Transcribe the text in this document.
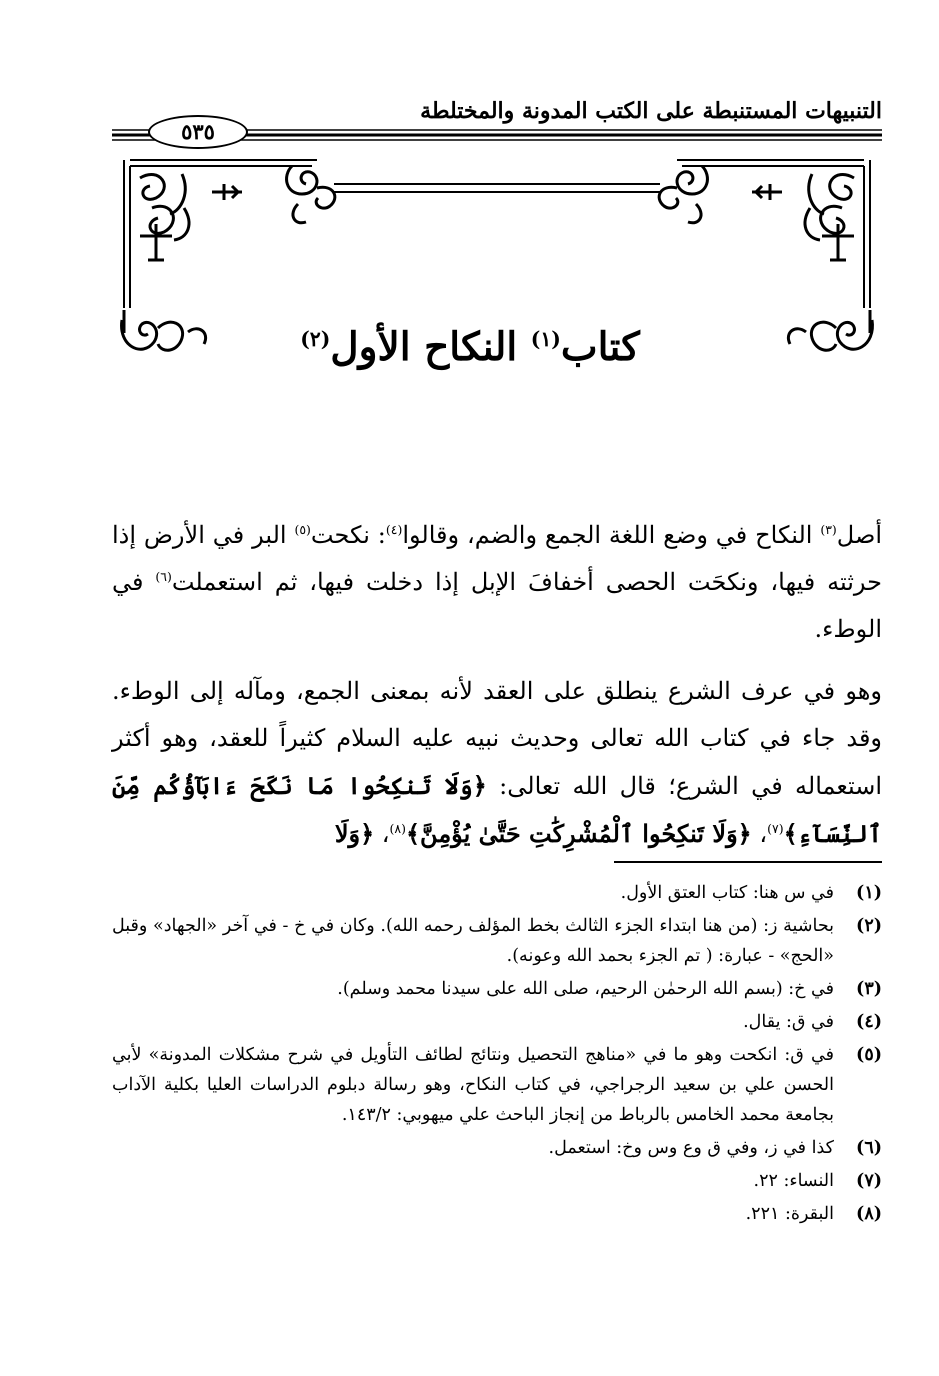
التنبيهات المستنبطة على الكتب المدونة والمختلطة
٥٣٥
كتاب$^{(١)}$ النكاح الأول$^{(٢)}$
أصل$^{(٣)}$ النكاح في وضع اللغة الجمع والضم، وقالوا$^{(٤)}$: نكحت$^{(٥)}$ البر في الأرض إذا حرثته فيها، ونكحَت الحصى أخفافَ الإبل إذا دخلت فيها، ثم استعملت$^{(٦)}$ في الوطء.
وهو في عرف الشرع ينطلق على العقد لأنه بمعنى الجمع، ومآله إلى الوطء. وقد جاء في كتاب الله تعالى وحديث نبيه عليه السلام كثيراً للعقد، وهو أكثر استعماله في الشرع؛ قال الله تعالى: ﴿وَلَا تَنكِحُوا مَا نَكَحَ ءَابَآؤُكُم مِّنَ ٱلنِّسَآءِ﴾$^{(٧)}$، ﴿وَلَا تَنكِحُوا ٱلْمُشْرِكَٰتِ حَتَّىٰ يُؤْمِنَّ﴾$^{(٨)}$، ﴿وَلَا
(١)
في س هنا: كتاب العتق الأول.
(٢)
بحاشية ز: (من هنا ابتداء الجزء الثالث بخط المؤلف رحمه الله). وكان في خ - في آخر «الجهاد» وقبل «الحج» - عبارة: ( تم الجزء بحمد الله وعونه).
(٣)
في خ: (بسم الله الرحمٰن الرحيم، صلى الله على سيدنا محمد وسلم).
(٤)
في ق: يقال.
(٥)
في ق: انكحت وهو ما في «مناهج التحصيل ونتائج لطائف التأويل في شرح مشكلات المدونة» لأبي الحسن علي بن سعيد الرجراجي، في كتاب النكاح، وهو رسالة دبلوم الدراسات العليا بكلية الآداب بجامعة محمد الخامس بالرباط من إنجاز الباحث علي ميهوبي: ١٤٣/٢.
(٦)
كذا في ز، وفي ق وع وس وخ: استعمل.
(٧)
النساء: ٢٢.
(٨)
البقرة: ٢٢١.
